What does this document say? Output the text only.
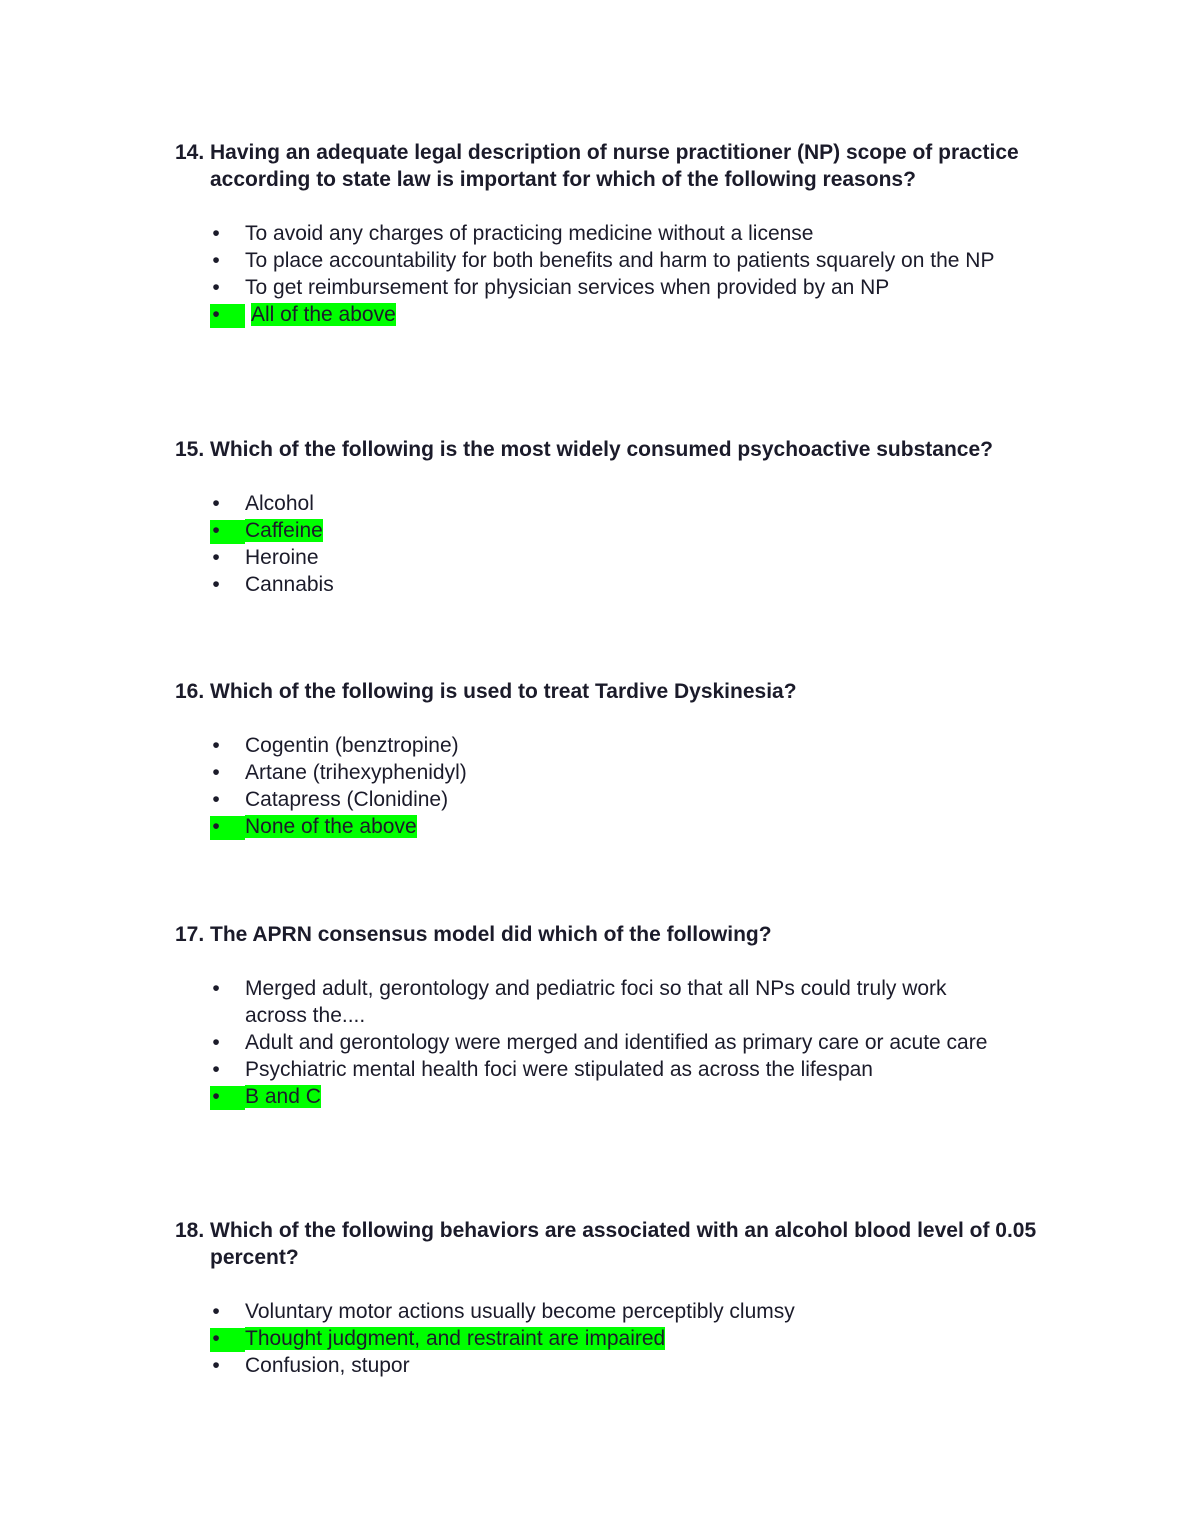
14. Having an adequate legal description of nurse practitioner (NP) scope of practice according to state law is important for which of the following reasons?

• To avoid any charges of practicing medicine without a license
• To place accountability for both benefits and harm to patients squarely on the NP
• To get reimbursement for physician services when provided by an NP
• All of the above

15. Which of the following is the most widely consumed psychoactive substance?

• Alcohol
• Caffeine
• Heroine
• Cannabis

16. Which of the following is used to treat Tardive Dyskinesia?

• Cogentin (benztropine)
• Artane (trihexyphenidyl)
• Catapress (Clonidine)
• None of the above

17. The APRN consensus model did which of the following?

• Merged adult, gerontology and pediatric foci so that all NPs could truly work across the....
• Adult and gerontology were merged and identified as primary care or acute care
• Psychiatric mental health foci were stipulated as across the lifespan
• B and C

18. Which of the following behaviors are associated with an alcohol blood level of 0.05 percent?

• Voluntary motor actions usually become perceptibly clumsy
• Thought judgment, and restraint are impaired
• Confusion, stupor
